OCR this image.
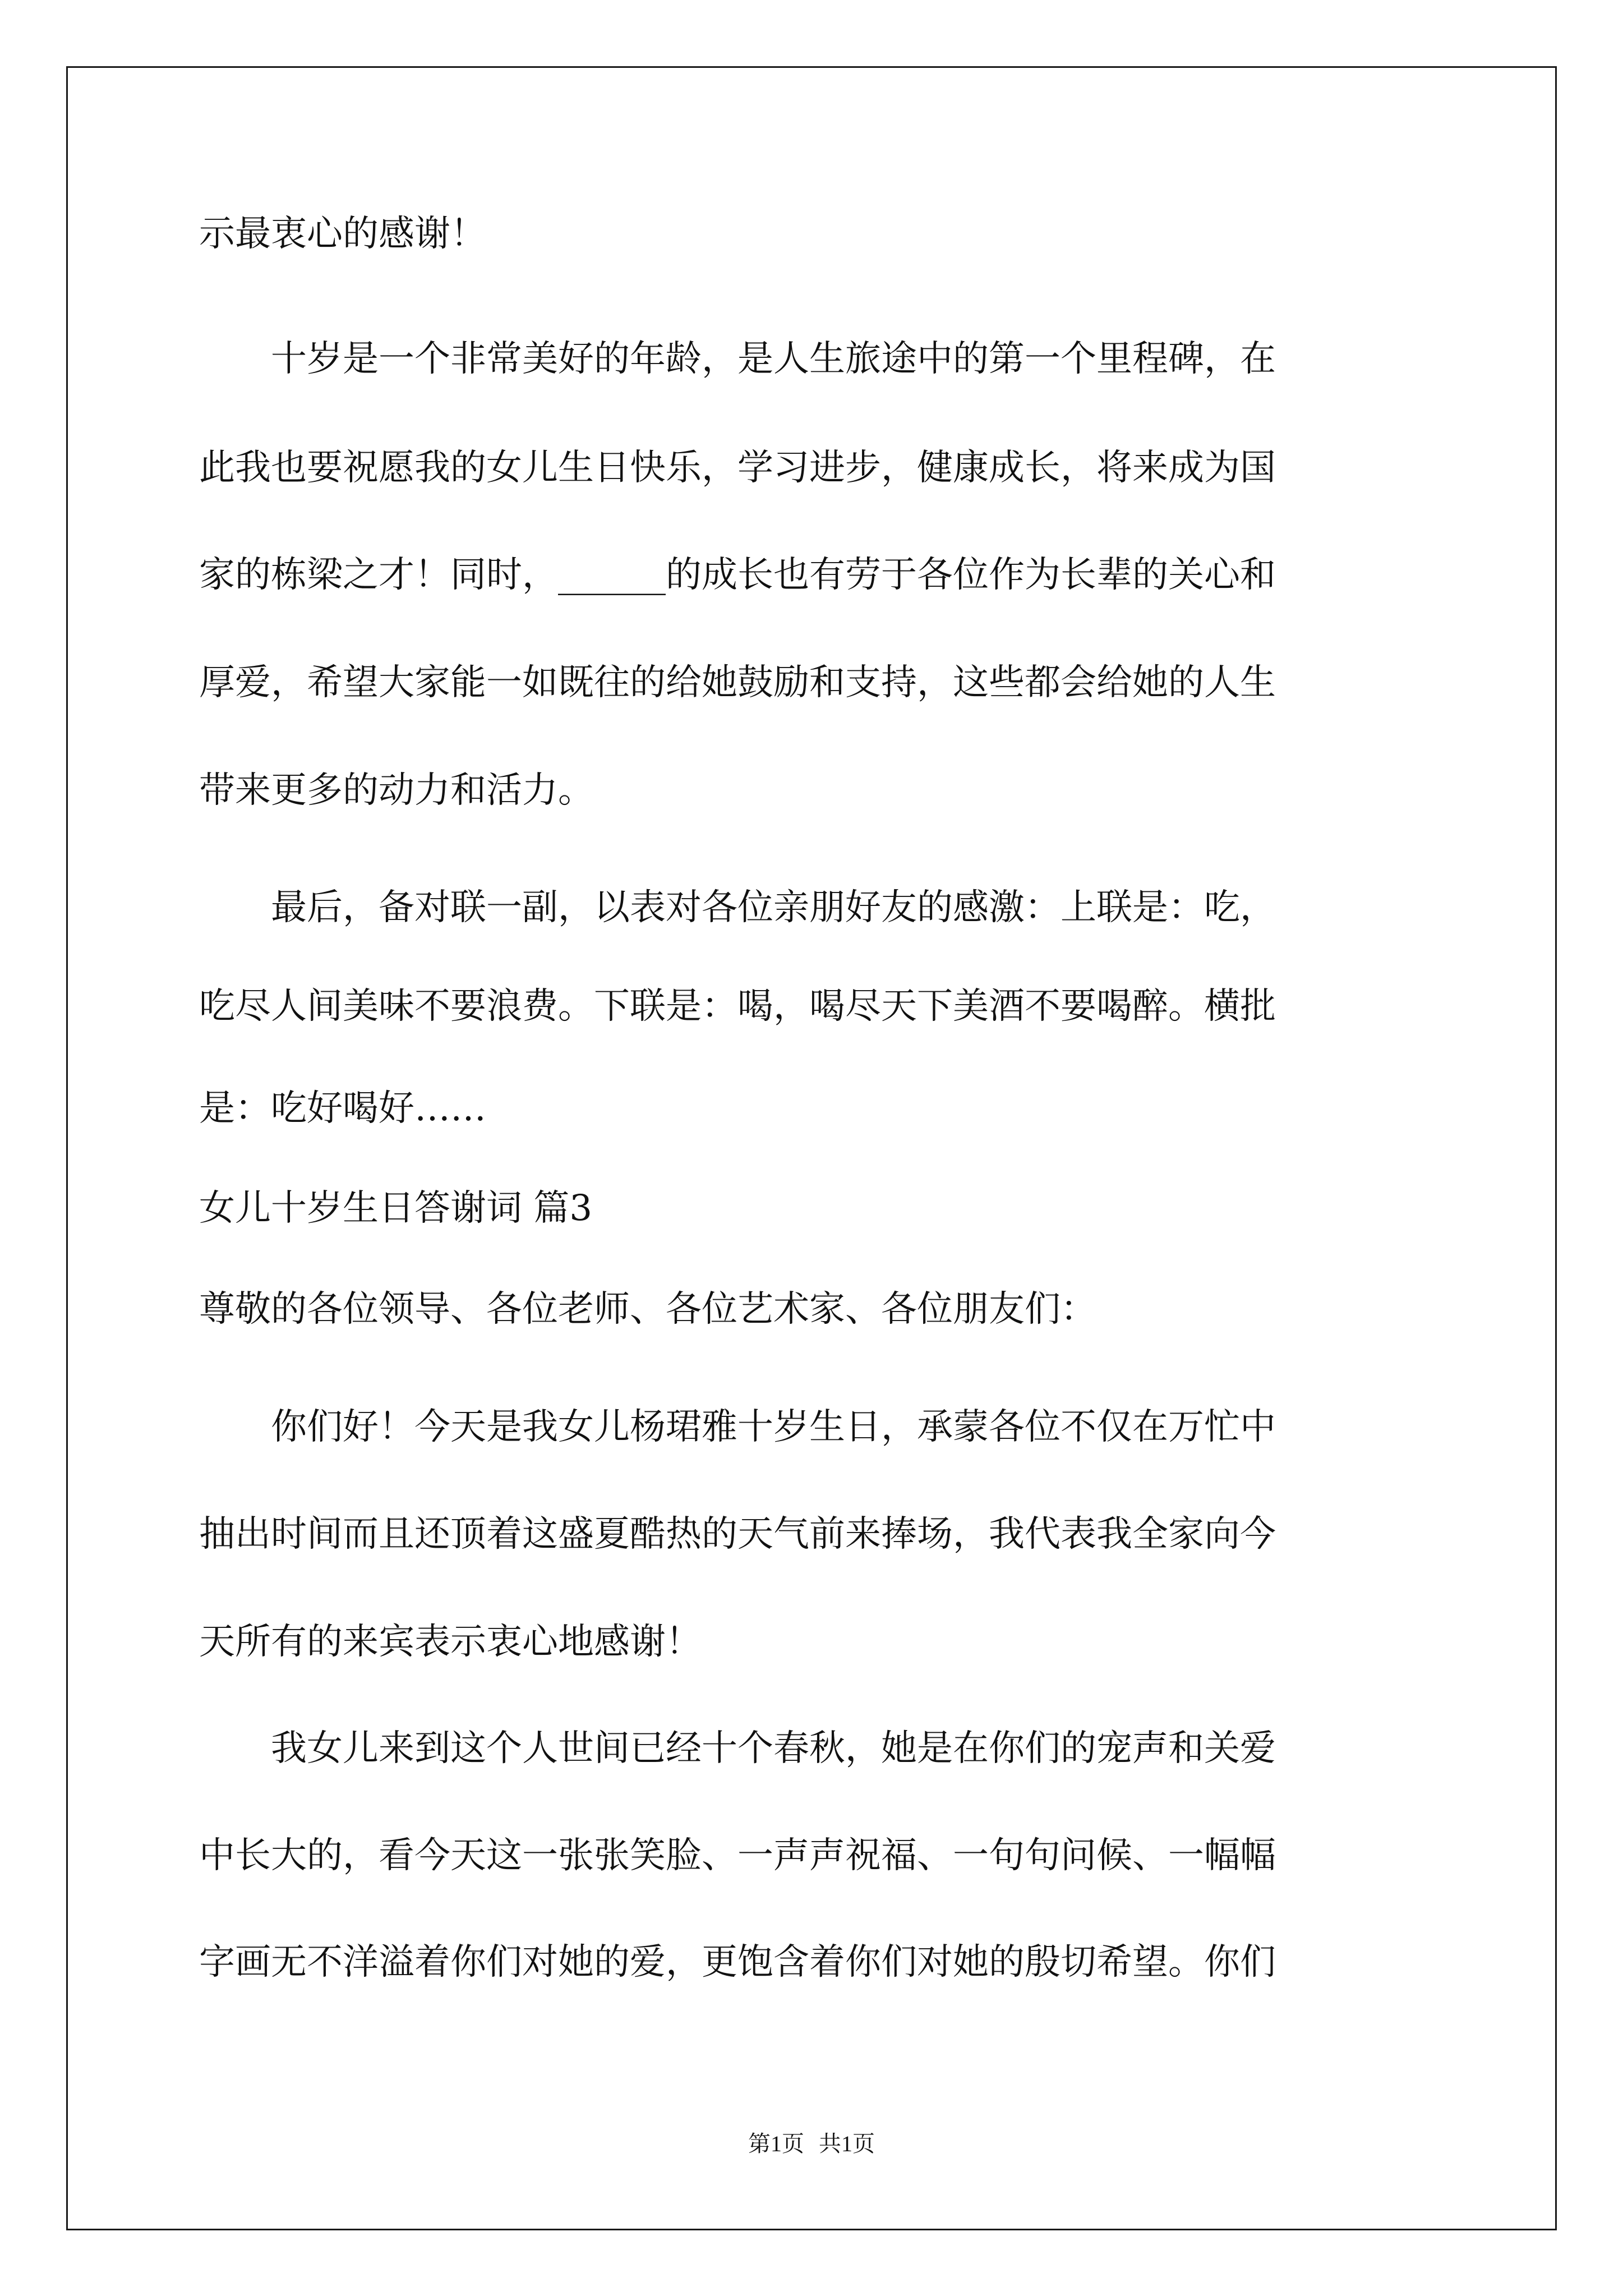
示最衷心的感谢！
　　十岁是一个非常美好的年龄，是人生旅途中的第一个里程碑，在
此我也要祝愿我的女儿生日快乐，学习进步，健康成长，将来成为国
家的栋梁之才！同时，______的成长也有劳于各位作为长辈的关心和
厚爱，希望大家能一如既往的给她鼓励和支持，这些都会给她的人生
带来更多的动力和活力。
　　最后，备对联一副，以表对各位亲朋好友的感激：上联是：吃，
吃尽人间美味不要浪费。下联是：喝，喝尽天下美酒不要喝醉。横批
是：吃好喝好……
女儿十岁生日答谢词 篇3
尊敬的各位领导、各位老师、各位艺术家、各位朋友们：
　　你们好！今天是我女儿杨珺雅十岁生日，承蒙各位不仅在万忙中
抽出时间而且还顶着这盛夏酷热的天气前来捧场，我代表我全家向今
天所有的来宾表示衷心地感谢！
　　我女儿来到这个人世间已经十个春秋，她是在你们的宠声和关爱
中长大的，看今天这一张张笑脸、一声声祝福、一句句问候、一幅幅
字画无不洋溢着你们对她的爱，更饱含着你们对她的殷切希望。你们
第1页 共1页
